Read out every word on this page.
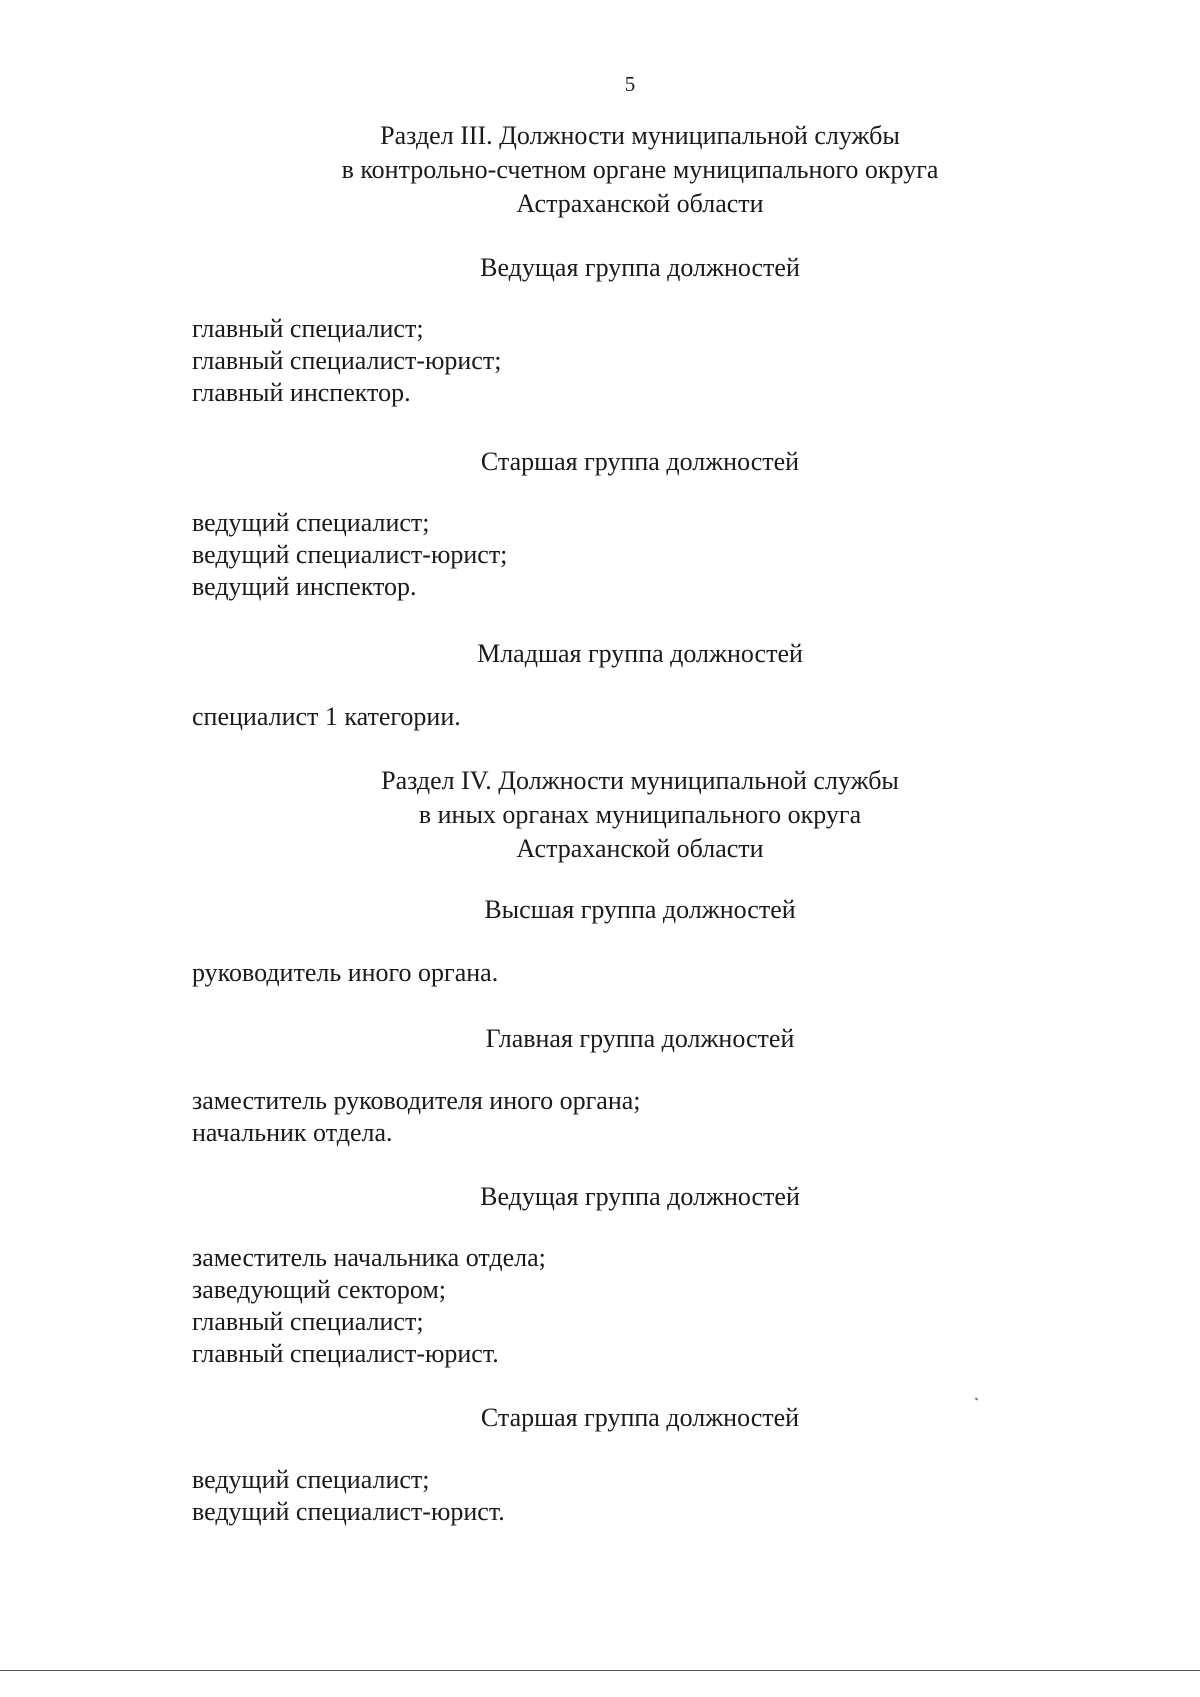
5
Раздел III. Должности муниципальной службы
в контрольно-счетном органе муниципального округа
Астраханской области
Ведущая группа должностей
главный специалист;
главный специалист-юрист;
главный инспектор.
Старшая группа должностей
ведущий специалист;
ведущий специалист-юрист;
ведущий инспектор.
Младшая группа должностей
специалист 1 категории.
Раздел IV. Должности муниципальной службы
в иных органах муниципального округа
Астраханской области
Высшая группа должностей
руководитель иного органа.
Главная группа должностей
заместитель руководителя иного органа;
начальник отдела.
Ведущая группа должностей
заместитель начальника отдела;
заведующий сектором;
главный специалист;
главный специалист-юрист.
Старшая группа должностей
ведущий специалист;
ведущий специалист-юрист.
